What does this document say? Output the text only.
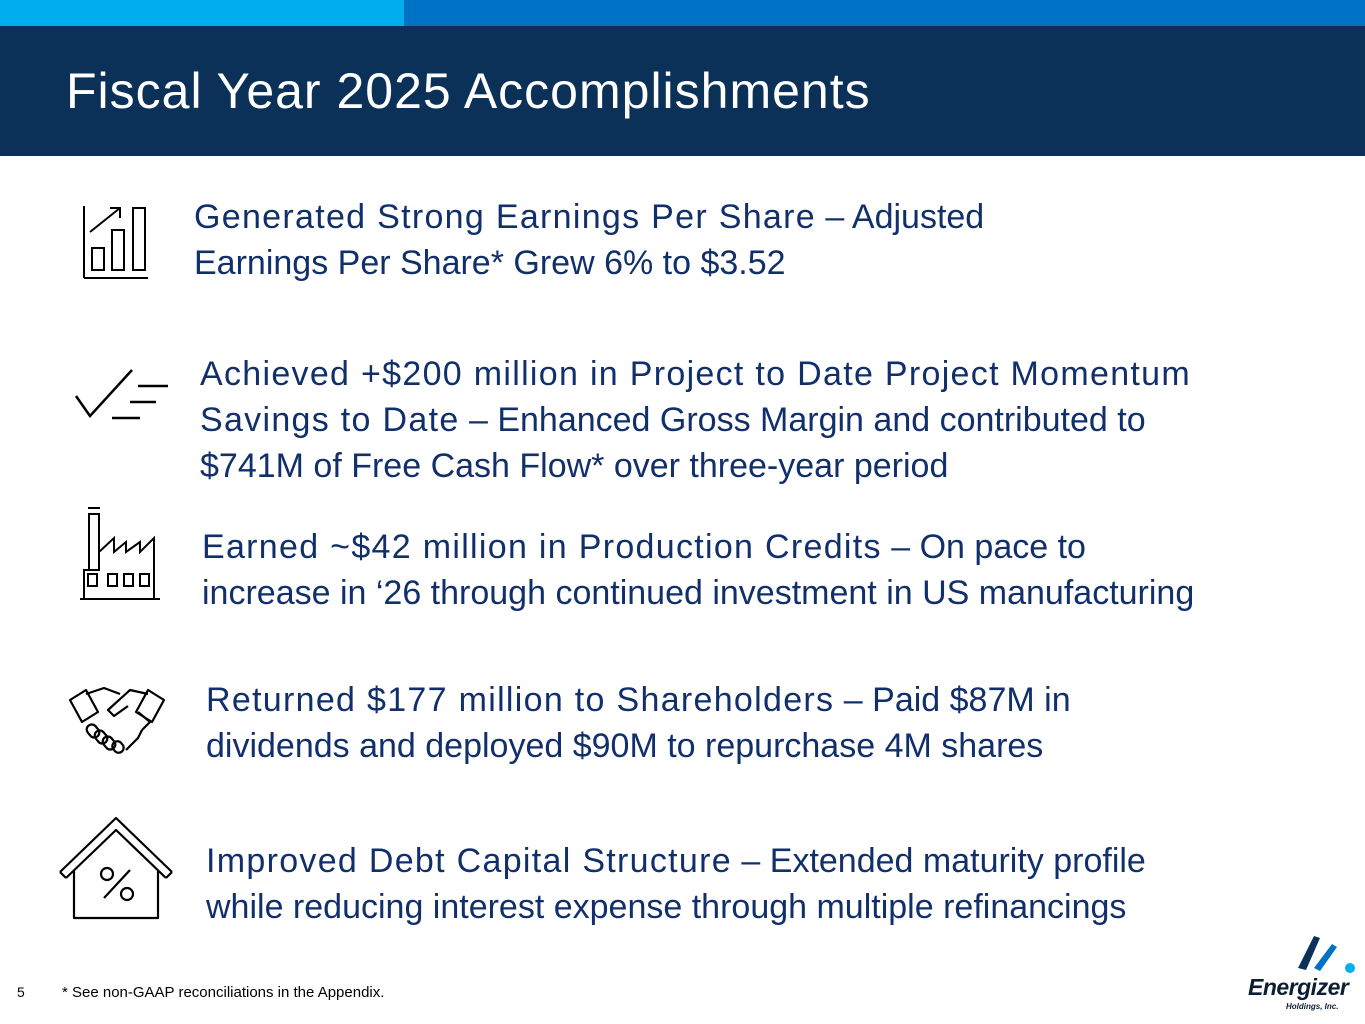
Fiscal Year 2025 Accomplishments

Generated Strong Earnings Per Share – Adjusted
Earnings Per Share* Grew 6% to $3.52

Achieved +$200 million in Project to Date Project Momentum
Savings to Date – Enhanced Gross Margin and contributed to
$741M of Free Cash Flow* over three-year period

Earned ~$42 million in Production Credits – On pace to
increase in ‘26 through continued investment in US manufacturing

Returned $177 million to Shareholders – Paid $87M in
dividends and deployed $90M to repurchase 4M shares

Improved Debt Capital Structure – Extended maturity profile
while reducing interest expense through multiple refinancings

5 * See non-GAAP reconciliations in the Appendix.	Energizer
Holdings, Inc.
